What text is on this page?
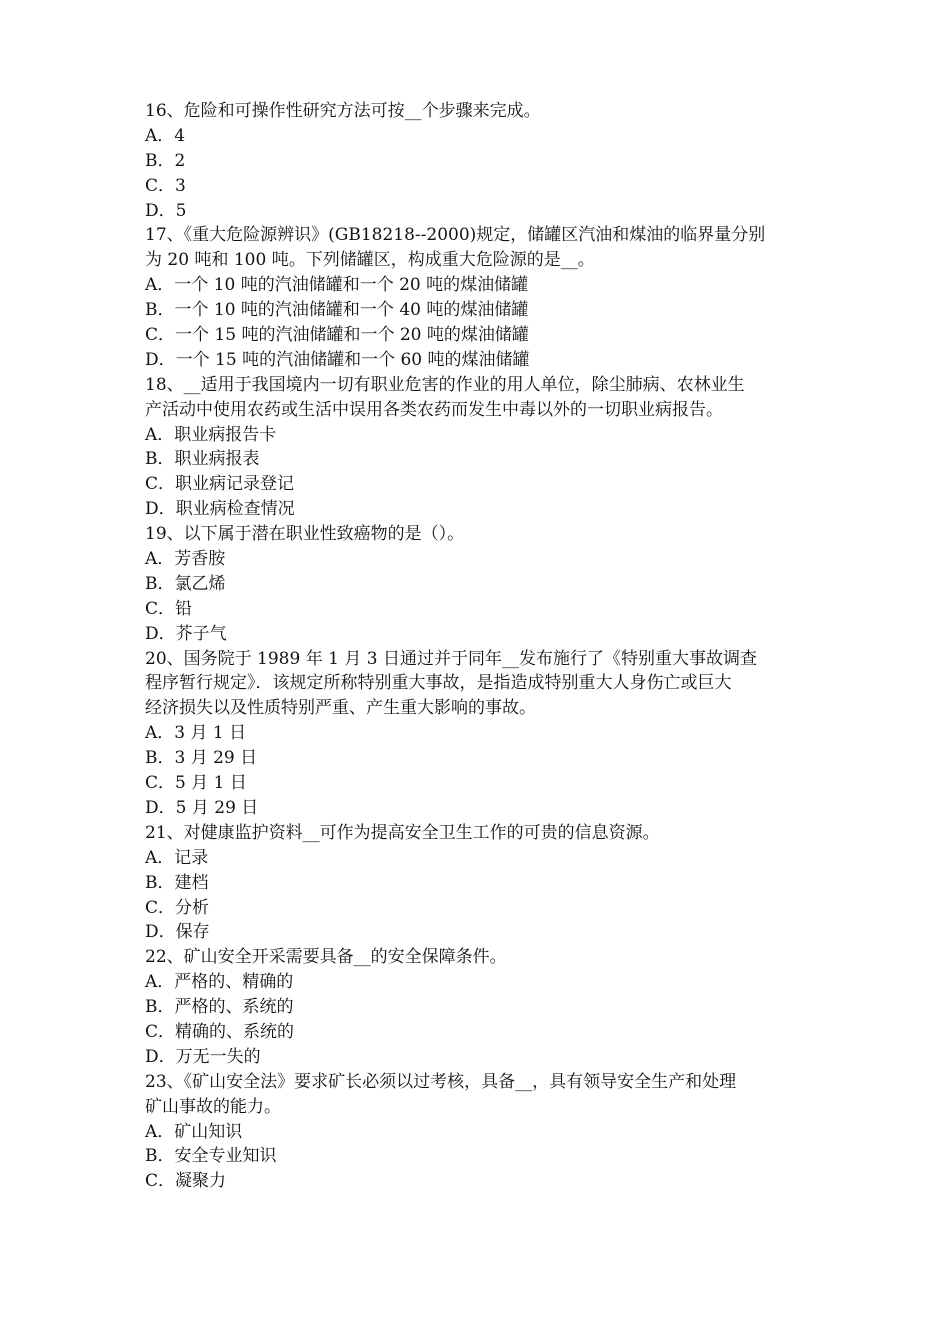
16、危险和可操作性研究方法可按__个步骤来完成。
A．4
B．2
C．3
D．5
17、《重大危险源辨识》(GB18218--2000)规定，储罐区汽油和煤油的临界量分别
为 20 吨和 100 吨。下列储罐区，构成重大危险源的是__。
A．一个 10 吨的汽油储罐和一个 20 吨的煤油储罐
B．一个 10 吨的汽油储罐和一个 40 吨的煤油储罐
C．一个 15 吨的汽油储罐和一个 20 吨的煤油储罐
D．一个 15 吨的汽油储罐和一个 60 吨的煤油储罐
18、__适用于我国境内一切有职业危害的作业的用人单位，除尘肺病、农林业生
产活动中使用农药或生活中误用各类农药而发生中毒以外的一切职业病报告。
A．职业病报告卡
B．职业病报表
C．职业病记录登记
D．职业病检查情况
19、以下属于潜在职业性致癌物的是（）。
A．芳香胺
B．氯乙烯
C．铅
D．芥子气
20、国务院于 1989 年 1 月 3 日通过并于同年__发布施行了《特别重大事故调查
程序暂行规定》．该规定所称特别重大事故，是指造成特别重大人身伤亡或巨大
经济损失以及性质特别严重、产生重大影响的事故。
A．3 月 1 日
B．3 月 29 日
C．5 月 1 日
D．5 月 29 日
21、对健康监护资料__可作为提高安全卫生工作的可贵的信息资源。
A．记录
B．建档
C．分析
D．保存
22、矿山安全开采需要具备__的安全保障条件。
A．严格的、精确的
B．严格的、系统的
C．精确的、系统的
D．万无一失的
23、《矿山安全法》要求矿长必须以过考核，具备__，具有领导安全生产和处理
矿山事故的能力。
A．矿山知识
B．安全专业知识
C．凝聚力
